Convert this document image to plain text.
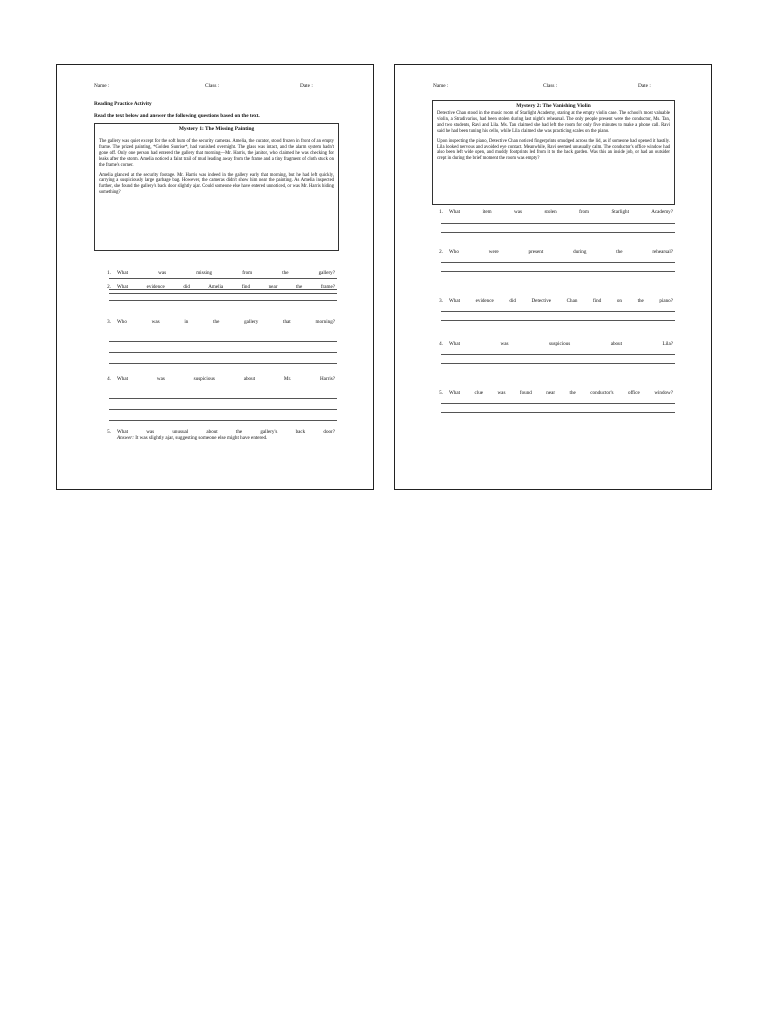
Name :	Class :	Date :
Reading Practice Activity
Read the text below and answer the following questions based on the text.
Mystery 1: The Missing Painting

The gallery was quiet except for the soft hum of the security cameras. Amelia, the curator, stood frozen in front of an empty frame. The prized painting, *Golden Sunrise*, had vanished overnight. The glass was intact, and the alarm system hadn't gone off. Only one person had entered the gallery that morning—Mr. Harris, the janitor, who claimed he was checking for leaks after the storm. Amelia noticed a faint trail of mud leading away from the frame and a tiny fragment of cloth stuck on the frame's corner.

Amelia glanced at the security footage. Mr. Harris was indeed in the gallery early that morning, but he had left quickly, carrying a suspiciously large garbage bag. However, the cameras didn't show him near the painting. As Amelia inspected further, she found the gallery's back door slightly ajar. Could someone else have entered unnoticed, or was Mr. Harris hiding something?

Name :	Class :	Date :
Mystery 2: The Vanishing Violin

Detective Chan stood in the music room of Starlight Academy, staring at the empty violin case. The school's most valuable violin, a Stradivarius, had been stolen during last night's rehearsal. The only people present were the conductor, Ms. Tan, and two students, Ravi and Lila. Ms. Tan claimed she had left the room for only five minutes to make a phone call. Ravi said he had been tuning his cello, while Lila claimed she was practicing scales on the piano.

Upon inspecting the piano, Detective Chan noticed fingerprints smudged across the lid, as if someone had opened it hastily. Lila looked nervous and avoided eye contact. Meanwhile, Ravi seemed unusually calm. The conductor's office window had also been left wide open, and muddy footprints led from it to the back garden. Was this an inside job, or had an outsider crept in during the brief moment the room was empty?

1. What was missing from the gallery?
2. What evidence did Amelia find near the frame?
3. Who was in the gallery that morning?
4. What was suspicious about Mr. Harris?
5. What was unusual about the gallery's back door?
Answer: It was slightly ajar, suggesting someone else might have entered.
1. What item was stolen from Starlight Academy?
2. Who were present during the rehearsal?
3. What evidence did Detective Chan find on the piano?
4. What was suspicious about Lila?
5. What clue was found near the conductor's office window?
